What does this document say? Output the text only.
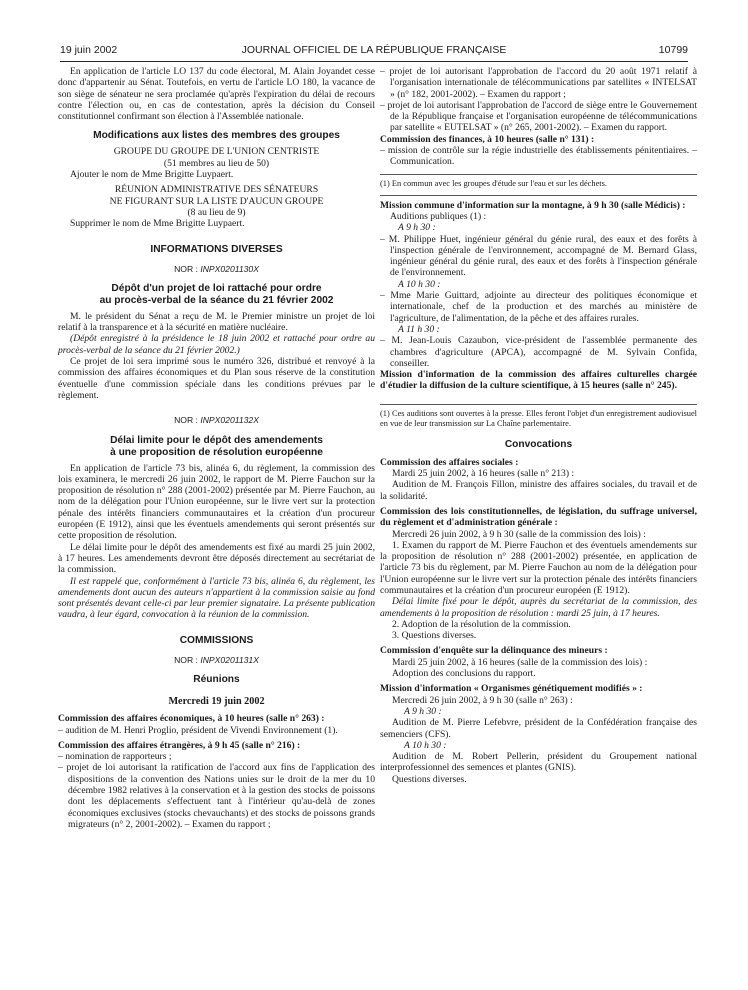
19 juin 2002	JOURNAL OFFICIEL DE LA RÉPUBLIQUE FRANÇAISE	10799

En application de l'article LO 137 du code électoral, M. Alain Joyandet cesse donc d'appartenir au Sénat. Toutefois, en vertu de l'article LO 180, la vacance de son siège de sénateur ne sera proclamée qu'après l'expiration du délai de recours contre l'élection ou, en cas de contestation, après la décision du Conseil constitutionnel confirmant son élection à l'Assemblée nationale.

Modifications aux listes des membres des groupes

GROUPE DU GROUPE DE L'UNION CENTRISTE

(51 membres au lieu de 50)

Ajouter le nom de Mme Brigitte Luypaert.

RÉUNION ADMINISTRATIVE DES SÉNATEURS

NE FIGURANT SUR LA LISTE D'AUCUN GROUPE

(8 au lieu de 9)

Supprimer le nom de Mme Brigitte Luypaert.

INFORMATIONS DIVERSES

NOR : INPX0201130X

Dépôt d'un projet de loi rattaché pour ordre

au procès-verbal de la séance du 21 février 2002

M. le président du Sénat a reçu de M. le Premier ministre un projet de loi relatif à la transparence et à la sécurité en matière nucléaire.

(Dépôt enregistré à la présidence le 18 juin 2002 et rattaché pour ordre au procès-verbal de la séance du 21 février 2002.)

Ce projet de loi sera imprimé sous le numéro 326, distribué et renvoyé à la commission des affaires économiques et du Plan sous réserve de la constitution éventuelle d'une commission spéciale dans les conditions prévues par le règlement.

NOR : INPX0201132X

Délai limite pour le dépôt des amendements

à une proposition de résolution européenne

En application de l'article 73 bis, alinéa 6, du règlement, la commission des lois examinera, le mercredi 26 juin 2002, le rapport de M. Pierre Fauchon sur la proposition de résolution n° 288 (2001-2002) présentée par M. Pierre Fauchon, au nom de la délégation pour l'Union européenne, sur le livre vert sur la protection pénale des intérêts financiers communautaires et la création d'un procureur européen (E 1912), ainsi que les éventuels amendements qui seront présentés sur cette proposition de résolution.

Le délai limite pour le dépôt des amendements est fixé au mardi 25 juin 2002, à 17 heures. Les amendements devront être déposés directement au secrétariat de la commission.

Il est rappelé que, conformément à l'article 73 bis, alinéa 6, du règlement, les amendements dont aucun des auteurs n'appartient à la commission saisie au fond sont présentés devant celle-ci par leur premier signataire. La présente publication vaudra, à leur égard, convocation à la réunion de la commission.

COMMISSIONS

NOR : INPX0201131X

Réunions

Mercredi 19 juin 2002

Commission des affaires économiques, à 10 heures (salle n° 263) :

– audition de M. Henri Proglio, président de Vivendi Environnement (1).

Commission des affaires étrangères, à 9 h 45 (salle n° 216) :

– nomination de rapporteurs ;

– projet de loi autorisant la ratification de l'accord aux fins de l'application des dispositions de la convention des Nations unies sur le droit de la mer du 10 décembre 1982 relatives à la conservation et à la gestion des stocks de poissons dont les déplacements s'effectuent tant à l'intérieur qu'au-delà de zones économiques exclusives (stocks chevauchants) et des stocks de poissons grands migrateurs (n° 2, 2001-2002). – Examen du rapport ;

– projet de loi autorisant l'approbation de l'accord du 20 août 1971 relatif à l'organisation internationale de télécommunications par satellites « INTELSAT » (n° 182, 2001-2002). – Examen du rapport ;

– projet de loi autorisant l'approbation de l'accord de siège entre le Gouvernement de la République française et l'organisation européenne de télécommunications par satellite « EUTELSAT » (n° 265, 2001-2002). – Examen du rapport.

Commission des finances, à 10 heures (salle n° 131) :

– mission de contrôle sur la régie industrielle des établissements pénitentiaires. – Communication.

(1) En commun avec les groupes d'étude sur l'eau et sur les déchets.

Mission commune d'information sur la montagne, à 9 h 30 (salle Médicis) :

Auditions publiques (1) :

A 9 h 30 :

– M. Philippe Huet, ingénieur général du génie rural, des eaux et des forêts à l'inspection générale de l'environnement, accompagné de M. Bernard Glass, ingénieur général du génie rural, des eaux et des forêts à l'inspection générale de l'environnement.

A 10 h 30 :

– Mme Marie Guittard, adjointe au directeur des politiques économique et internationale, chef de la production et des marchés au ministère de l'agriculture, de l'alimentation, de la pêche et des affaires rurales.

A 11 h 30 :

– M. Jean-Louis Cazaubon, vice-président de l'assemblée permanente des chambres d'agriculture (APCA), accompagné de M. Sylvain Confida, conseiller.

Mission d'information de la commission des affaires culturelles chargée d'étudier la diffusion de la culture scientifique, à 15 heures (salle n° 245).

(1) Ces auditions sont ouvertes à la presse. Elles feront l'objet d'un enregistrement audiovisuel en vue de leur transmission sur La Chaîne parlementaire.

Convocations

Commission des affaires sociales :

Mardi 25 juin 2002, à 16 heures (salle n° 213) :

Audition de M. François Fillon, ministre des affaires sociales, du travail et de la solidarité.

Commission des lois constitutionnelles, de législation, du suffrage universel, du règlement et d'administration générale :

Mercredi 26 juin 2002, à 9 h 30 (salle de la commission des lois) :

1. Examen du rapport de M. Pierre Fauchon et des éventuels amendements sur la proposition de résolution n° 288 (2001-2002) présentée, en application de l'article 73 bis du règlement, par M. Pierre Fauchon au nom de la délégation pour l'Union européenne sur le livre vert sur la protection pénale des intérêts financiers communautaires et la création d'un procureur européen (E 1912).

Délai limite fixé pour le dépôt, auprès du secrétariat de la commission, des amendements à la proposition de résolution : mardi 25 juin, à 17 heures.

2. Adoption de la résolution de la commission.

3. Questions diverses.

Commission d'enquête sur la délinquance des mineurs :

Mardi 25 juin 2002, à 16 heures (salle de la commission des lois) :

Adoption des conclusions du rapport.

Mission d'information « Organismes génétiquement modifiés » :

Mercredi 26 juin 2002, à 9 h 30 (salle n° 263) :

A 9 h 30 :

Audition de M. Pierre Lefebvre, président de la Confédération française des semenciers (CFS).

A 10 h 30 :

Audition de M. Robert Pellerin, président du Groupement national interprofessionnel des semences et plantes (GNIS).

Questions diverses.
